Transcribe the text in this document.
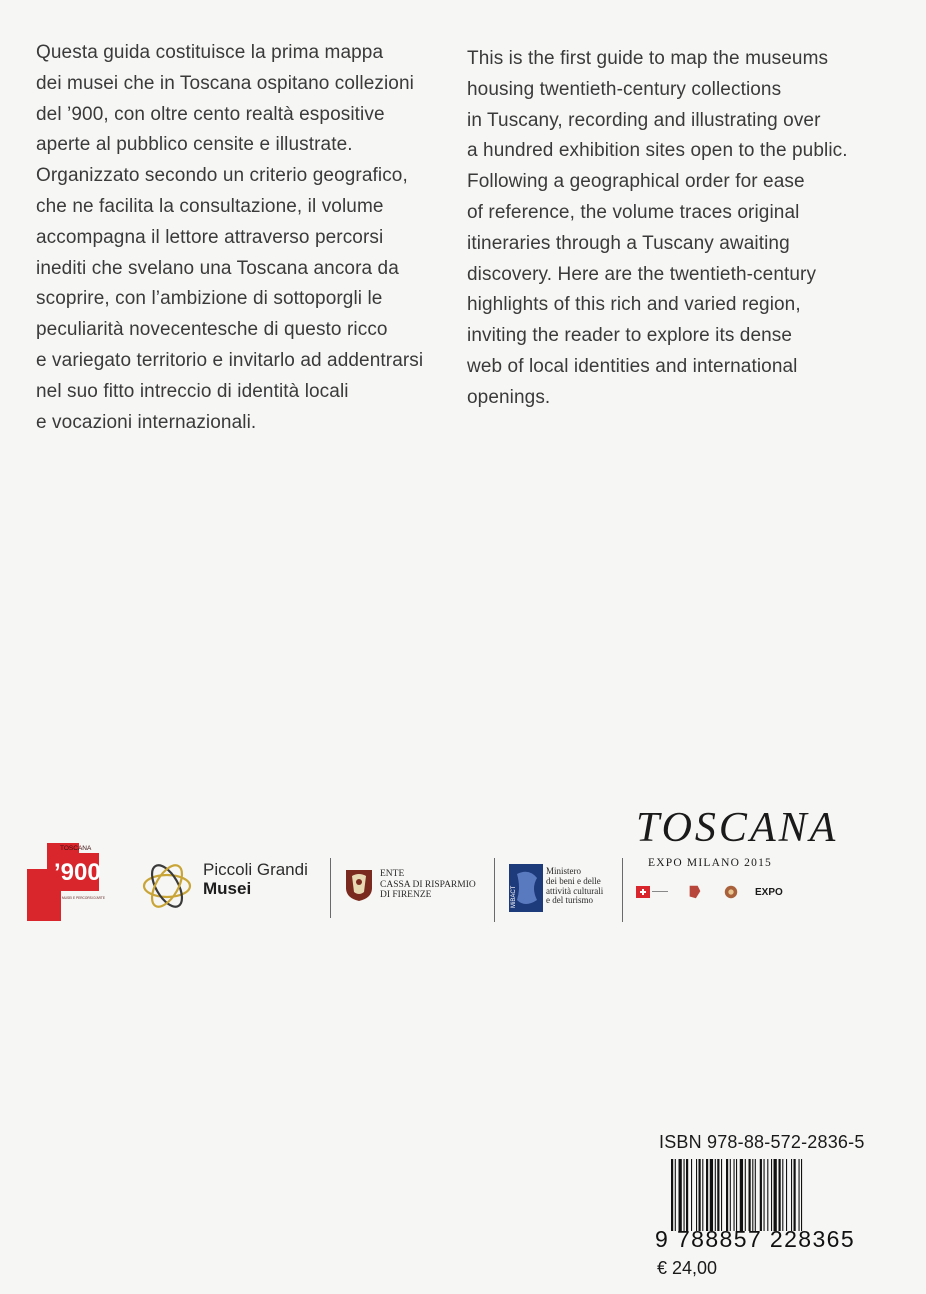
Questa guida costituisce la prima mappa
dei musei che in Toscana ospitano collezioni
del ’900, con oltre cento realtà espositive
aperte al pubblico censite e illustrate.
Organizzato secondo un criterio geografico,
che ne facilita la consultazione, il volume
accompagna il lettore attraverso percorsi
inediti che svelano una Toscana ancora da
scoprire, con l’ambizione di sottoporgli le
peculiarità novecentesche di questo ricco
e variegato territorio e invitarlo ad addentrarsi
nel suo fitto intreccio di identità locali
e vocazioni internazionali.
This is the first guide to map the museums
housing twentieth-century collections
in Tuscany, recording and illustrating over
a hundred exhibition sites open to the public.
Following a geographical order for ease
of reference, the volume traces original
itineraries through a Tuscany awaiting
discovery. Here are the twentieth-century
highlights of this rich and varied region,
inviting the reader to explore its dense
web of local identities and international
openings.
TOSCANA
’900
MUSEI E PERCORSI D’ARTE
Piccoli Grandi
Musei
ENTE
CASSA DI RISPARMIO
DI FIRENZE	MiBACT
Ministero
dei beni e delle
attività culturali
e del turismo
TOSCANA
EXPO MILANO 2015
EXPO
ISBN 978-88-572-2836-5
9 788857 228365
€ 24,00
